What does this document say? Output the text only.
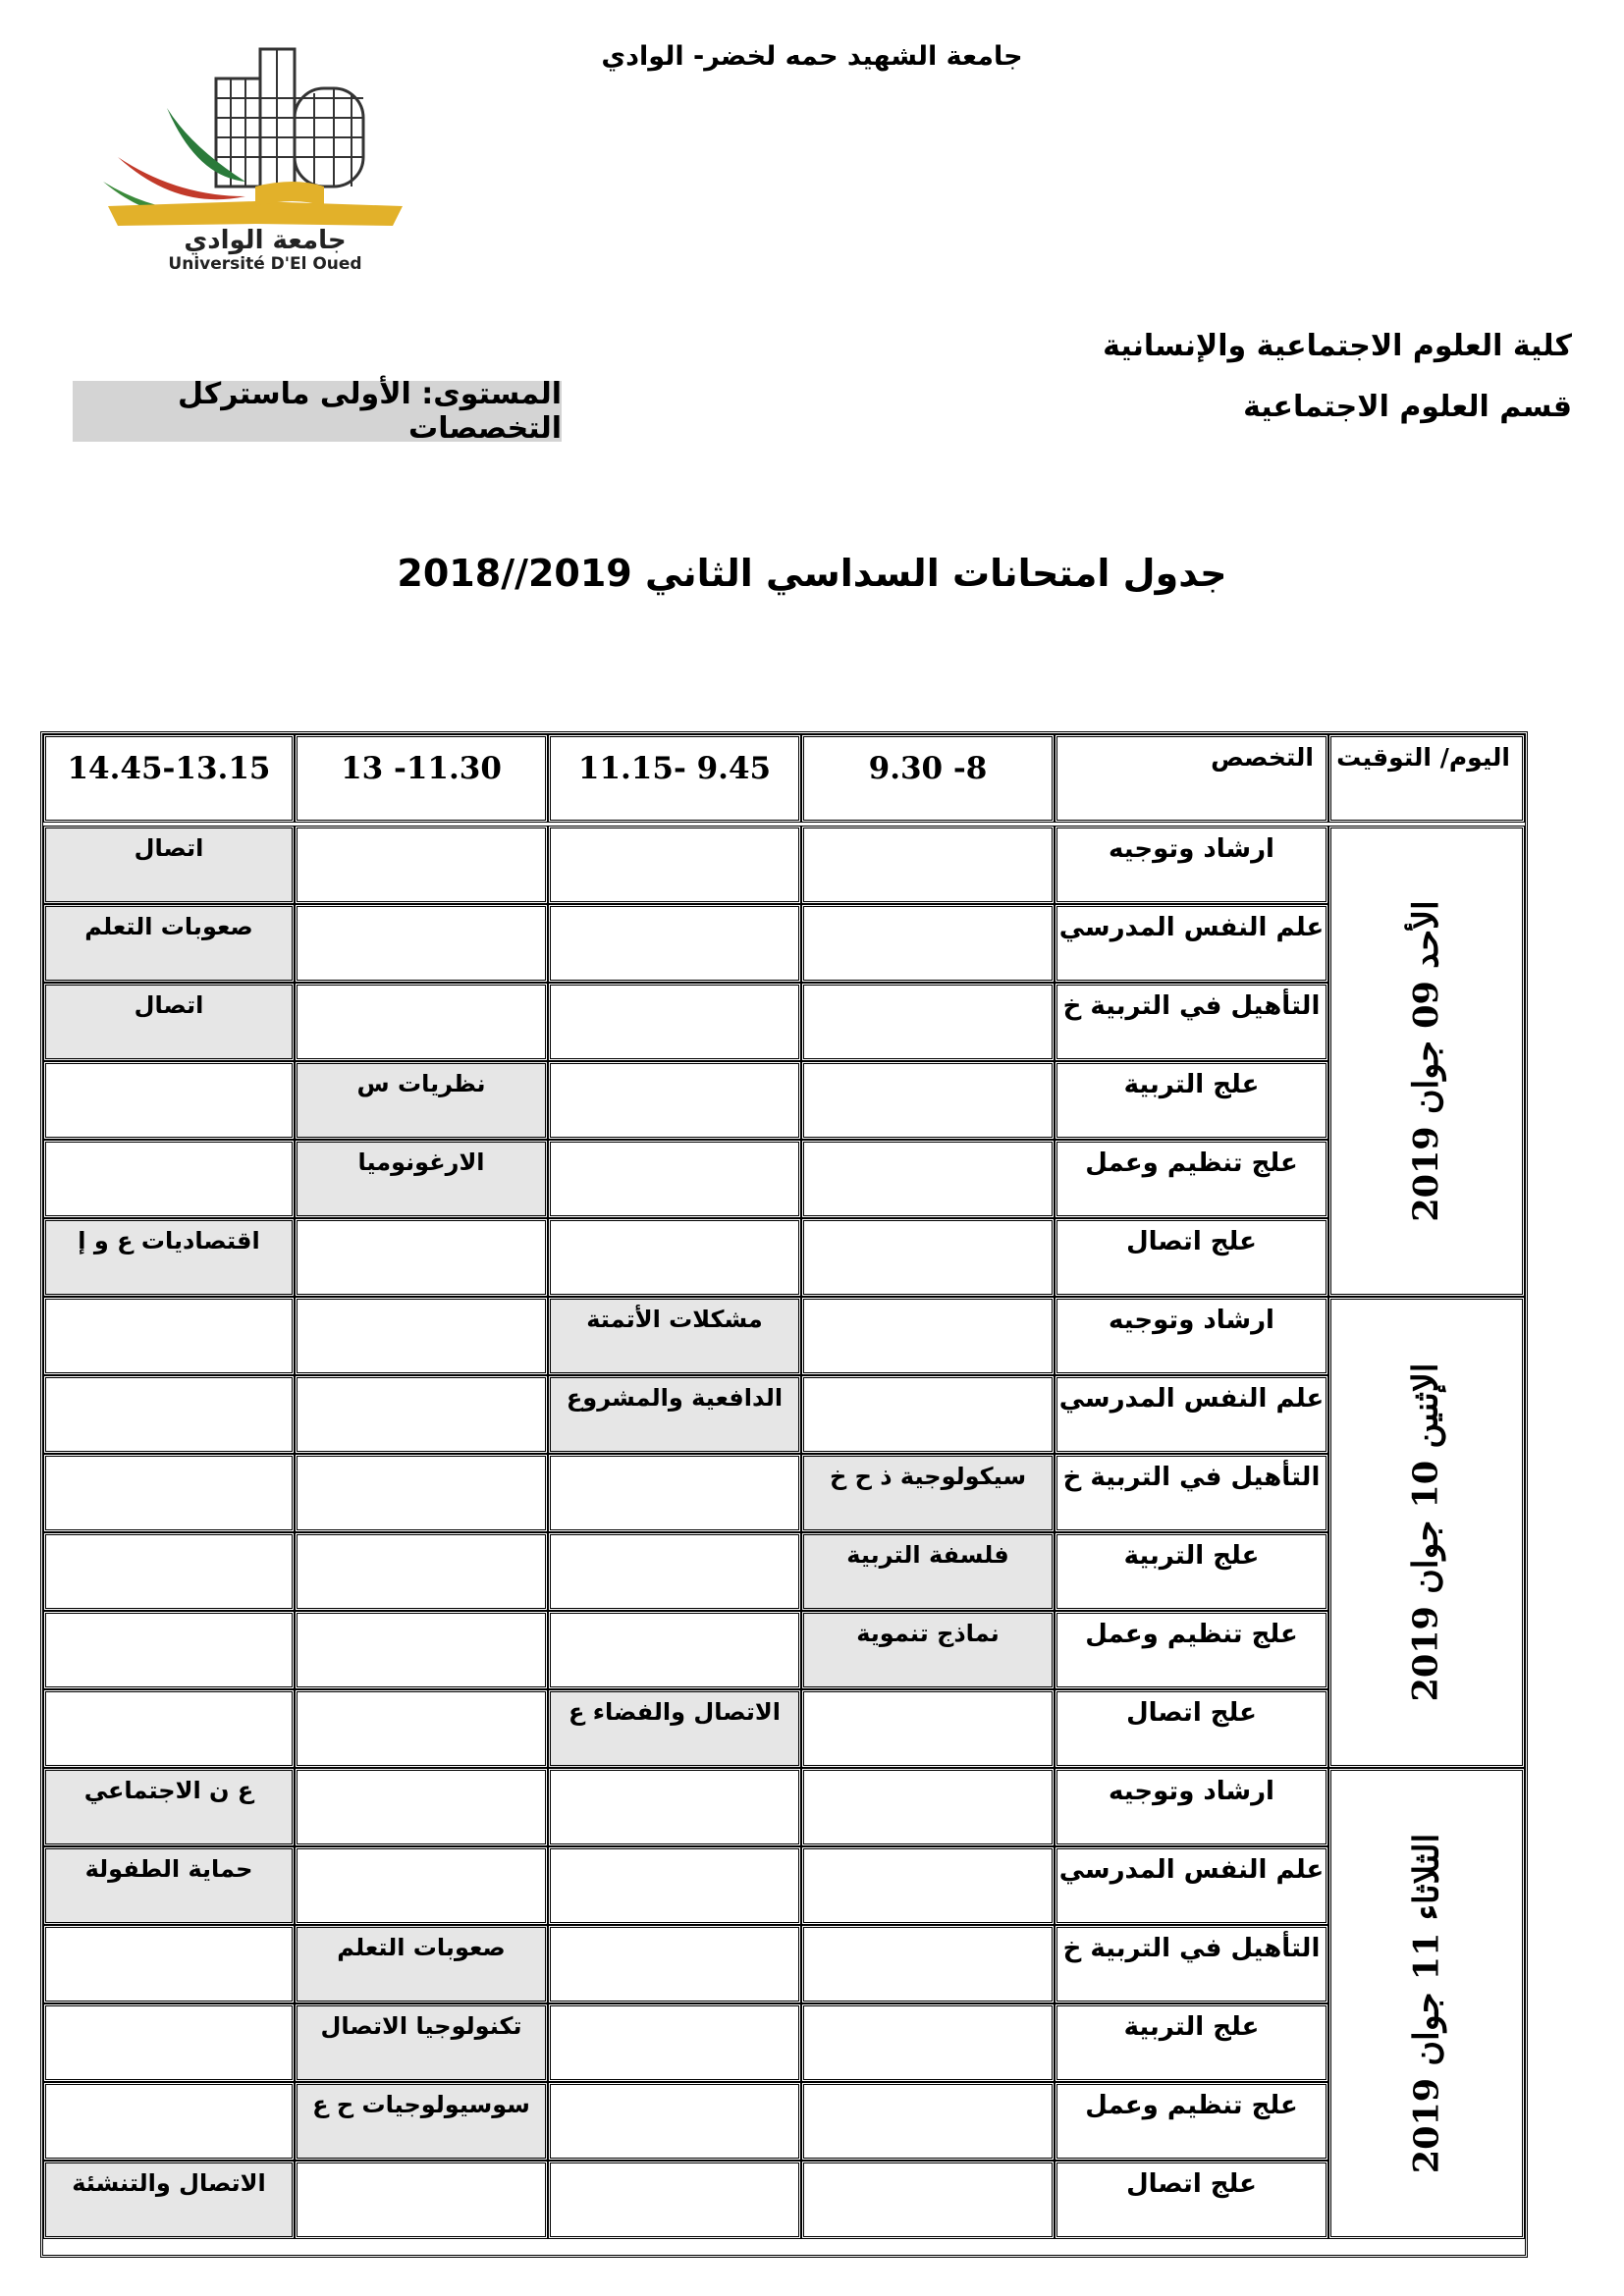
جامعة الشهيد حمه لخضر- الوادي
جامعة الوادي
Université D'El Oued
كلية العلوم الاجتماعية والإنسانية
قسم العلوم الاجتماعية
المستوى: الأولى ماستركل التخصصات
جدول امتحانات السداسي الثاني 2019//2018
اليوم/ التوقيت
التخصص
9.30 -8
11.15- 9.45
13 -11.30
14.45-13.15
ارشاد وتوجيه
اتصال
علم النفس المدرسي
صعوبات التعلم
التأهيل في التربية خ
اتصال
علج التربية
نظريات س
علج تنظيم وعمل
الارغونوميا
علج اتصال
اقتصاديات ع و إ
الأحد 09 جوان 2019
ارشاد وتوجيه
مشكلات الأتمتة
علم النفس المدرسي
الدافعية والمشروع
التأهيل في التربية خ
سيكولوجية ذ ح خ
علج التربية
فلسفة التربية
علج تنظيم وعمل
نماذج تنموية
علج اتصال
الاتصال والفضاء ع
الإثنين 10 جوان 2019
ارشاد وتوجيه
ع ن الاجتماعي
علم النفس المدرسي
حماية الطفولة
التأهيل في التربية خ
صعوبات التعلم
علج التربية
تكنولوجيا الاتصال
علج تنظيم وعمل
سوسيولوجيات ح ع
علج اتصال
الاتصال والتنشئة
الثلاثاء 11 جوان 2019
